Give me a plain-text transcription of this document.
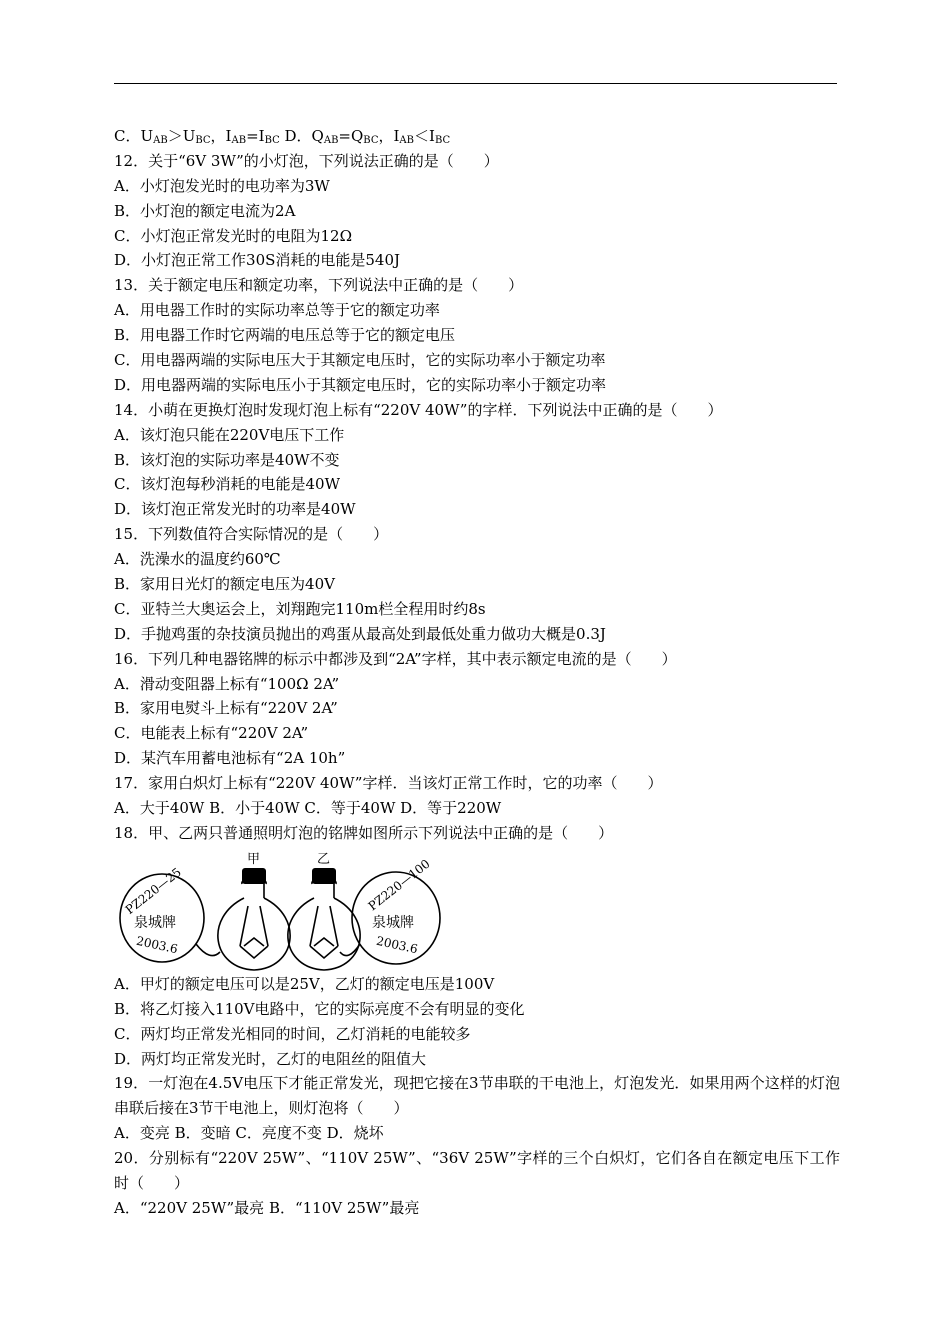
C．$U_{AB}>U_{BC}$，$I_{AB}=I_{BC}$ D．$Q_{AB}=Q_{BC}$，$I_{AB}<I_{BC}$
12．关于“6V 3W”的小灯泡，下列说法正确的是（　　）
A．小灯泡发光时的电功率为3W
B．小灯泡的额定电流为2A
C．小灯泡正常发光时的电阻为12Ω
D．小灯泡正常工作30S消耗的电能是540J
13．关于额定电压和额定功率，下列说法中正确的是（　　）
A．用电器工作时的实际功率总等于它的额定功率
B．用电器工作时它两端的电压总等于它的额定电压
C．用电器两端的实际电压大于其额定电压时，它的实际功率小于额定功率
D．用电器两端的实际电压小于其额定电压时，它的实际功率小于额定功率
14．小萌在更换灯泡时发现灯泡上标有“220V 40W”的字样．下列说法中正确的是（　　）
A．该灯泡只能在220V电压下工作
B．该灯泡的实际功率是40W不变
C．该灯泡每秒消耗的电能是40W
D．该灯泡正常发光时的功率是40W
15．下列数值符合实际情况的是（　　）
A．洗澡水的温度约60℃
B．家用日光灯的额定电压为40V
C．亚特兰大奥运会上，刘翔跑完110m栏全程用时约8s
D．手抛鸡蛋的杂技演员抛出的鸡蛋从最高处到最低处重力做功大概是0.3J
16．下列几种电器铭牌的标示中都涉及到“2A”字样，其中表示额定电流的是（　　）
A．滑动变阻器上标有“100Ω 2A”
B．家用电熨斗上标有“220V 2A”
C．电能表上标有“220V 2A”
D．某汽车用蓄电池标有“2A 10h”
17．家用白炽灯上标有“220V 40W”字样．当该灯正常工作时，它的功率（　　）
A．大于40W B．小于40W C．等于40W D．等于220W
18．甲、乙两只普通照明灯泡的铭牌如图所示下列说法中正确的是（　　）
甲	乙
PZ220—25
泉城牌
2003.6
PZ220—100
泉城牌
2003.6
A．甲灯的额定电压可以是25V，乙灯的额定电压是100V
B．将乙灯接入110V电路中，它的实际亮度不会有明显的变化
C．两灯均正常发光相同的时间，乙灯消耗的电能较多
D．两灯均正常发光时，乙灯的电阻丝的阻值大
19．一灯泡在4.5V电压下才能正常发光，现把它接在3节串联的干电池上，灯泡发光．如果用两个这样的灯泡串联后接在3节干电池上，则灯泡将（　　）
A．变亮 B．变暗 C．亮度不变 D．烧坏
20．分别标有“220V 25W”、“110V 25W”、“36V 25W”字样的三个白炽灯，它们各自在额定电压下工作时（　　）
A．“220V 25W”最亮 B．“110V 25W”最亮
